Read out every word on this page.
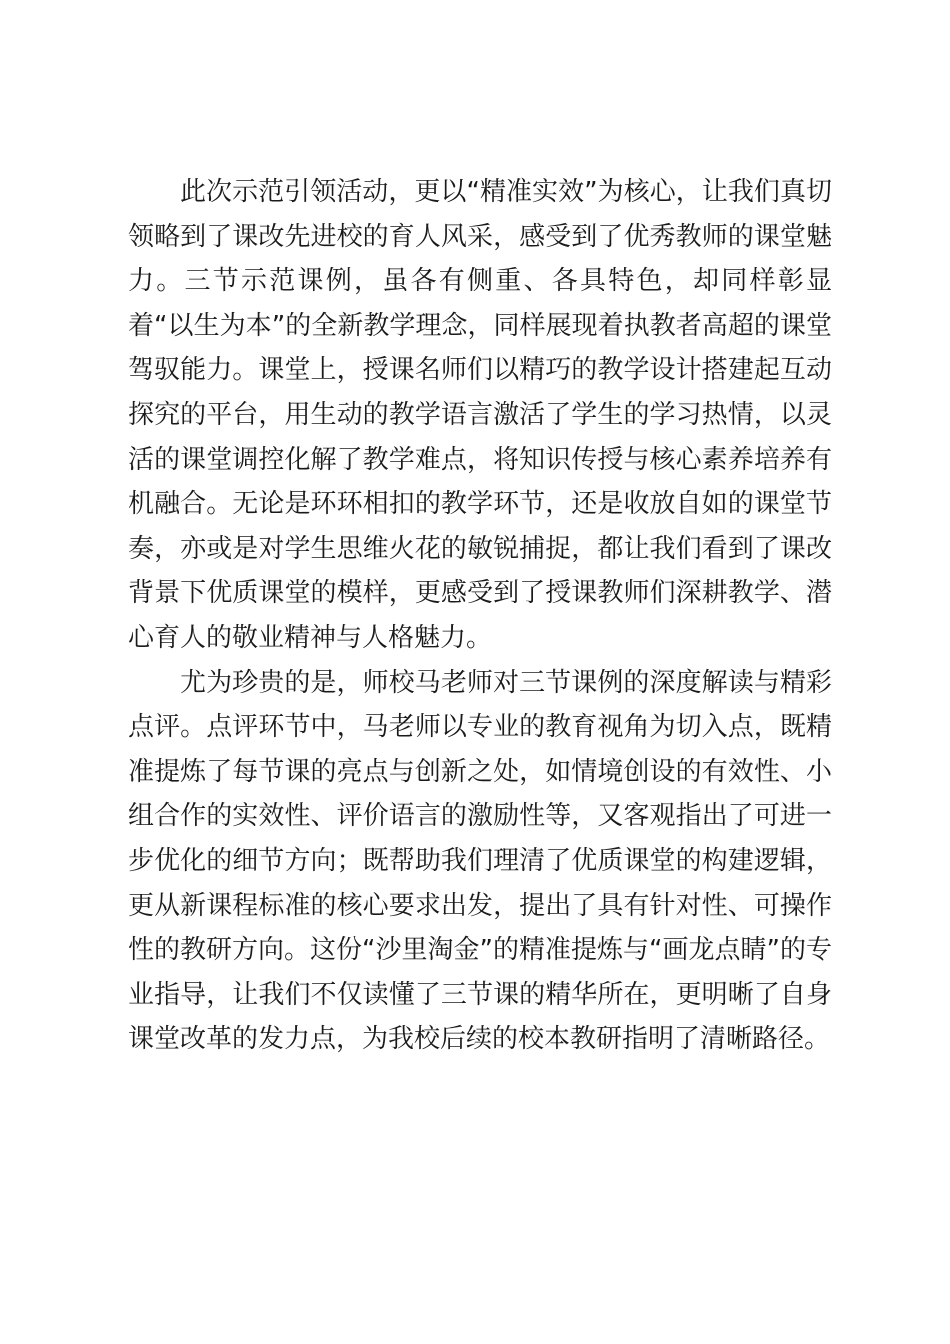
此次示范引领活动，更以“精准实效”为核心，让我们真切领略到了课改先进校的育人风采，感受到了优秀教师的课堂魅力。三节示范课例，虽各有侧重、各具特色，却同样彰显着“以生为本”的全新教学理念，同样展现着执教者高超的课堂驾驭能力。课堂上，授课名师们以精巧的教学设计搭建起互动探究的平台，用生动的教学语言激活了学生的学习热情，以灵活的课堂调控化解了教学难点，将知识传授与核心素养培养有机融合。无论是环环相扣的教学环节，还是收放自如的课堂节奏，亦或是对学生思维火花的敏锐捕捉，都让我们看到了课改背景下优质课堂的模样，更感受到了授课教师们深耕教学、潜心育人的敬业精神与人格魅力。

尤为珍贵的是，师校马老师对三节课例的深度解读与精彩点评。点评环节中，马老师以专业的教育视角为切入点，既精准提炼了每节课的亮点与创新之处，如情境创设的有效性、小组合作的实效性、评价语言的激励性等，又客观指出了可进一步优化的细节方向；既帮助我们理清了优质课堂的构建逻辑，更从新课程标准的核心要求出发，提出了具有针对性、可操作性的教研方向。这份“沙里淘金”的精准提炼与“画龙点睛”的专业指导，让我们不仅读懂了三节课的精华所在，更明晰了自身课堂改革的发力点，为我校后续的校本教研指明了清晰路径。
